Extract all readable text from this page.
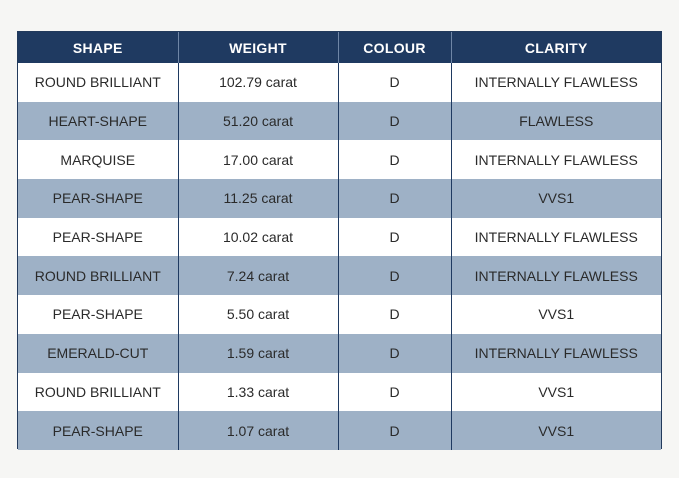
SHAPE	WEIGHT	COLOUR	CLARITY
ROUND BRILLIANT	102.79 carat	D	INTERNALLY FLAWLESS
HEART-SHAPE	51.20 carat	D	FLAWLESS
MARQUISE	17.00 carat	D	INTERNALLY FLAWLESS
PEAR-SHAPE	11.25 carat	D	VVS1
PEAR-SHAPE	10.02 carat	D	INTERNALLY FLAWLESS
ROUND BRILLIANT	7.24 carat	D	INTERNALLY FLAWLESS
PEAR-SHAPE	5.50 carat	D	VVS1
EMERALD-CUT	1.59 carat	D	INTERNALLY FLAWLESS
ROUND BRILLIANT	1.33 carat	D	VVS1
PEAR-SHAPE	1.07 carat	D	VVS1
